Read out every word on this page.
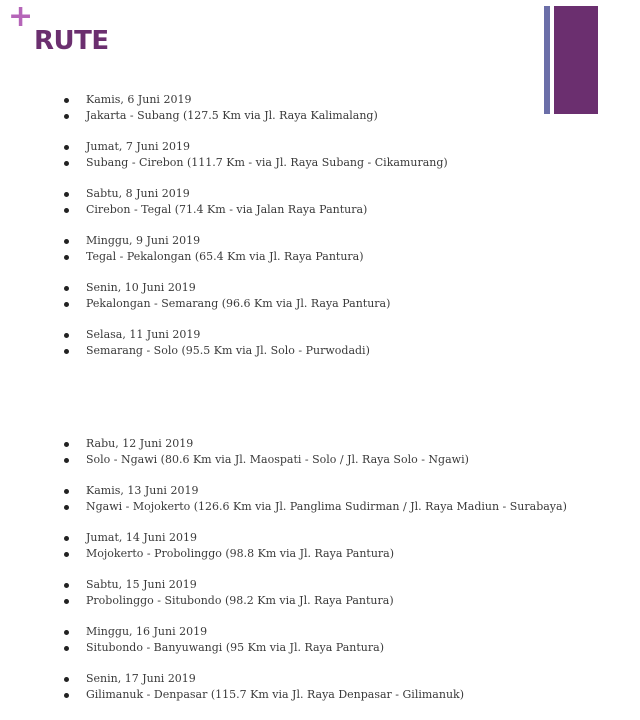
+
RUTE
Kamis, 6 Juni 2019
Jakarta - Subang (127.5 Km via Jl. Raya Kalimalang)
Jumat, 7 Juni 2019
Subang - Cirebon (111.7 Km - via Jl. Raya Subang - Cikamurang)
Sabtu, 8 Juni 2019
Cirebon - Tegal (71.4 Km - via Jalan Raya Pantura)
Minggu, 9 Juni 2019
Tegal - Pekalongan (65.4 Km via Jl. Raya Pantura)
Senin, 10 Juni 2019
Pekalongan - Semarang (96.6 Km via Jl. Raya Pantura)
Selasa, 11 Juni 2019
Semarang - Solo (95.5 Km via Jl. Solo - Purwodadi)
Rabu, 12 Juni 2019
Solo - Ngawi (80.6 Km via Jl. Maospati - Solo / Jl. Raya Solo - Ngawi)
Kamis, 13 Juni 2019
Ngawi - Mojokerto (126.6 Km via Jl. Panglima Sudirman / Jl. Raya Madiun - Surabaya)
Jumat, 14 Juni 2019
Mojokerto - Probolinggo (98.8 Km via Jl. Raya Pantura)
Sabtu, 15 Juni 2019
Probolinggo - Situbondo (98.2 Km via Jl. Raya Pantura)
Minggu, 16 Juni 2019
Situbondo - Banyuwangi (95 Km via Jl. Raya Pantura)
Senin, 17 Juni 2019
Gilimanuk - Denpasar (115.7 Km via Jl. Raya Denpasar - Gilimanuk)
